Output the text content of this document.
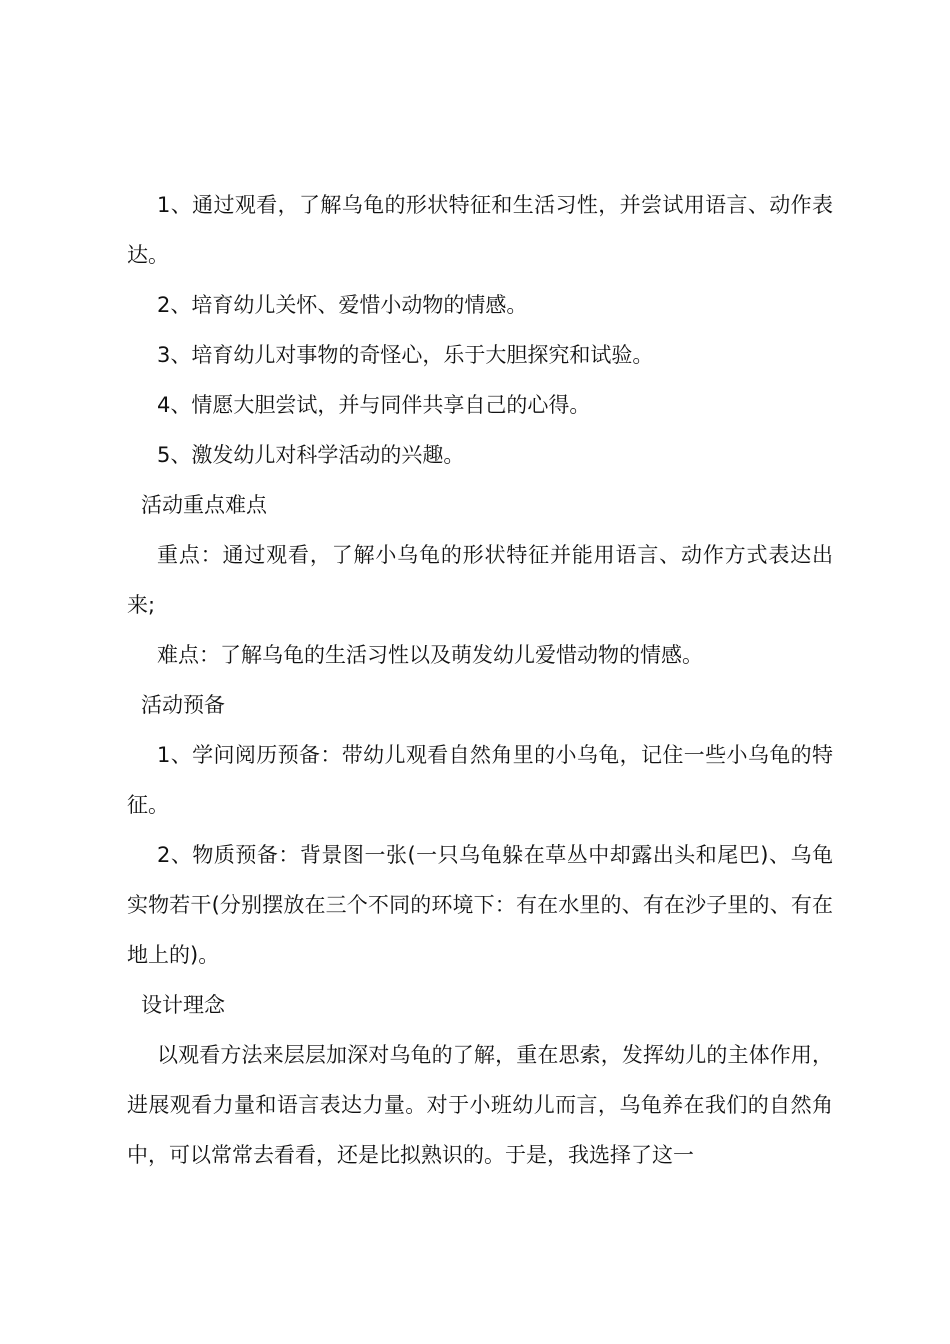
1、通过观看，了解乌龟的形状特征和生活习性，并尝试用语言、动作表达。

2、培育幼儿关怀、爱惜小动物的情感。

3、培育幼儿对事物的奇怪心，乐于大胆探究和试验。

4、情愿大胆尝试，并与同伴共享自己的心得。

5、激发幼儿对科学活动的兴趣。

活动重点难点

重点：通过观看，了解小乌龟的形状特征并能用语言、动作方式表达出来;

难点：了解乌龟的生活习性以及萌发幼儿爱惜动物的情感。

活动预备

1、学问阅历预备：带幼儿观看自然角里的小乌龟，记住一些小乌龟的特征。

2、物质预备：背景图一张(一只乌龟躲在草丛中却露出头和尾巴)、乌龟实物若干(分别摆放在三个不同的环境下：有在水里的、有在沙子里的、有在地上的)。

设计理念

以观看方法来层层加深对乌龟的了解，重在思索，发挥幼儿的主体作用，进展观看力量和语言表达力量。对于小班幼儿而言，乌龟养在我们的自然角中，可以常常去看看，还是比拟熟识的。于是，我选择了这一
